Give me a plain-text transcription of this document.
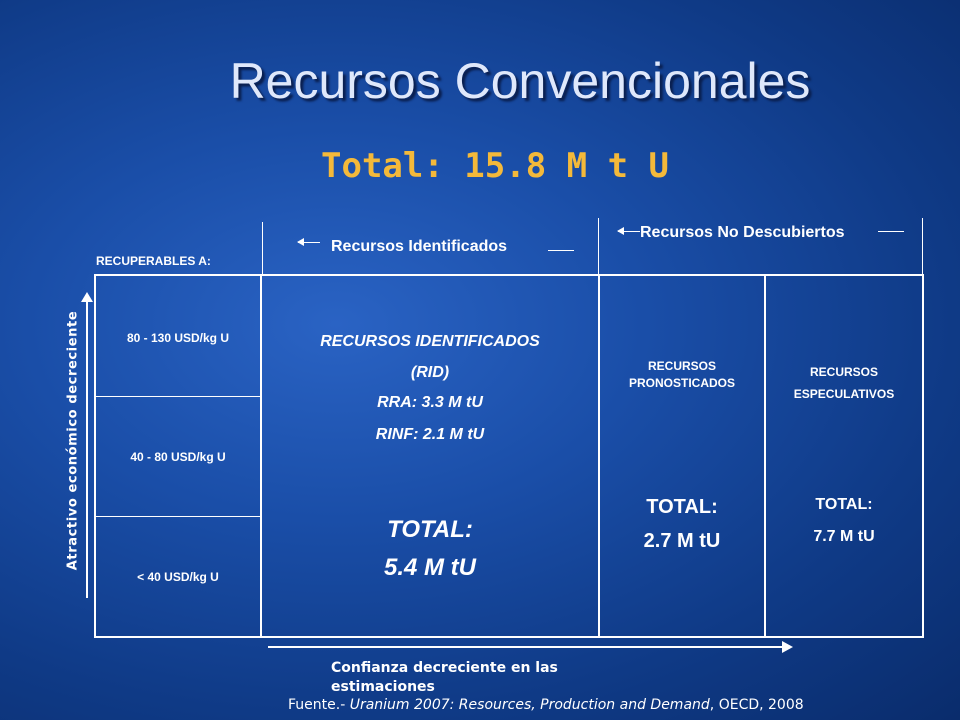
Recursos Convencionales
Total: 15.8 M t U
RECUPERABLES A:
Recursos Identificados
Recursos No Descubiertos
80 - 130 USD/kg U
40 - 80 USD/kg U
< 40 USD/kg U
RECURSOS IDENTIFICADOS
(RID)
RRA: 3.3 M tU
RINF: 2.1 M tU
TOTAL:
5.4 M tU
RECURSOS
PRONOSTICADOS
TOTAL:
2.7 M tU
RECURSOS
ESPECULATIVOS
TOTAL:
7.7 M tU
Atractivo económico decreciente
Confianza decreciente en las
estimaciones
Fuente.- Uranium 2007: Resources, Production and Demand, OECD, 2008
